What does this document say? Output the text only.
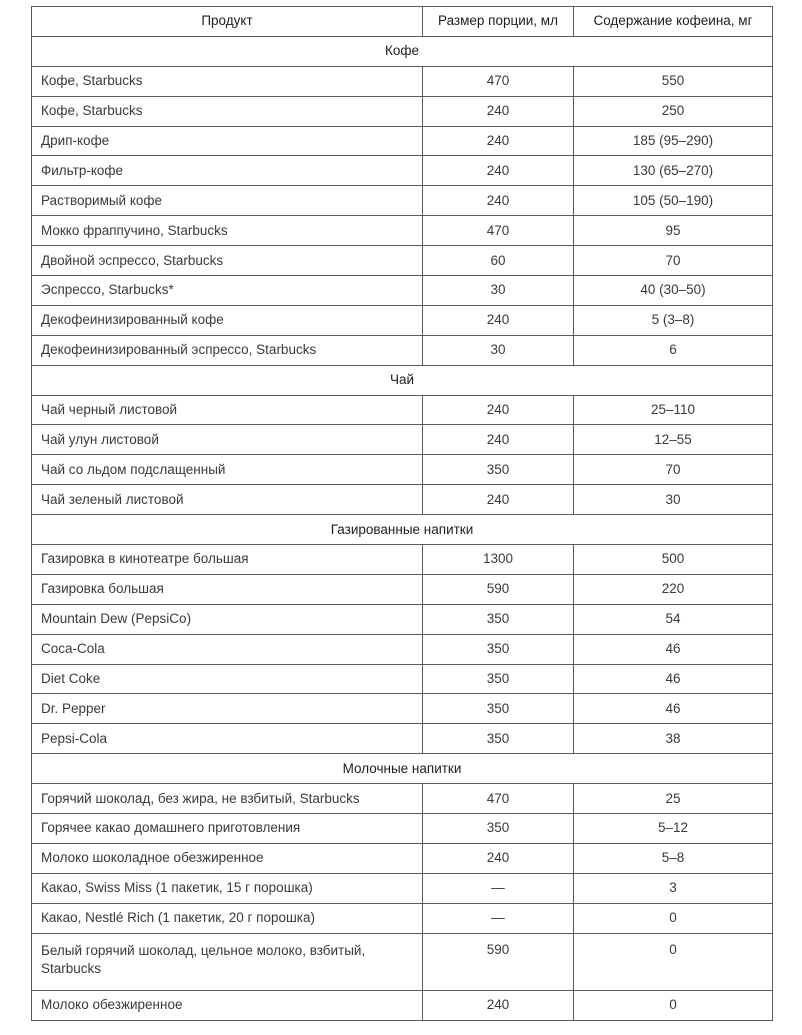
Продукт	Размер порции, мл	Содержание кофеина, мг
Кофе		
Кофе, Starbucks	470	550
Кофе, Starbucks	240	250
Дрип-кофе	240	185 (95–290)
Фильтр-кофе	240	130 (65–270)
Растворимый кофе	240	105 (50–190)
Мокко фраппучино, Starbucks	470	95
Двойной эспрессо, Starbucks	60	70
Эспрессо, Starbucks*	30	40 (30–50)
Декофеинизированный кофе	240	5 (3–8)
Декофеинизированный эспрессо, Starbucks	30	6
Чай		
Чай черный листовой	240	25–110
Чай улун листовой	240	12–55
Чай со льдом подслащенный	350	70
Чай зеленый листовой	240	30
Газированные напитки		
Газировка в кинотеатре большая	1300	500
Газировка большая	590	220
Mountain Dew (PepsiCo)	350	54
Coca-Cola	350	46
Diet Coke	350	46
Dr. Pepper	350	46
Pepsi-Cola	350	38
Молочные напитки		
Горячий шоколад, без жира, не взбитый, Starbucks	470	25
Горячее какао домашнего приготовления	350	5–12
Молоко шоколадное обезжиренное	240	5–8
Какао, Swiss Miss (1 пакетик, 15 г порошка)	—	3
Какао, Nestlé Rich (1 пакетик, 20 г порошка)	—	0
Белый горячий шоколад, цельное молоко, взбитый, Starbucks	590	0
Молоко обезжиренное	240	0
